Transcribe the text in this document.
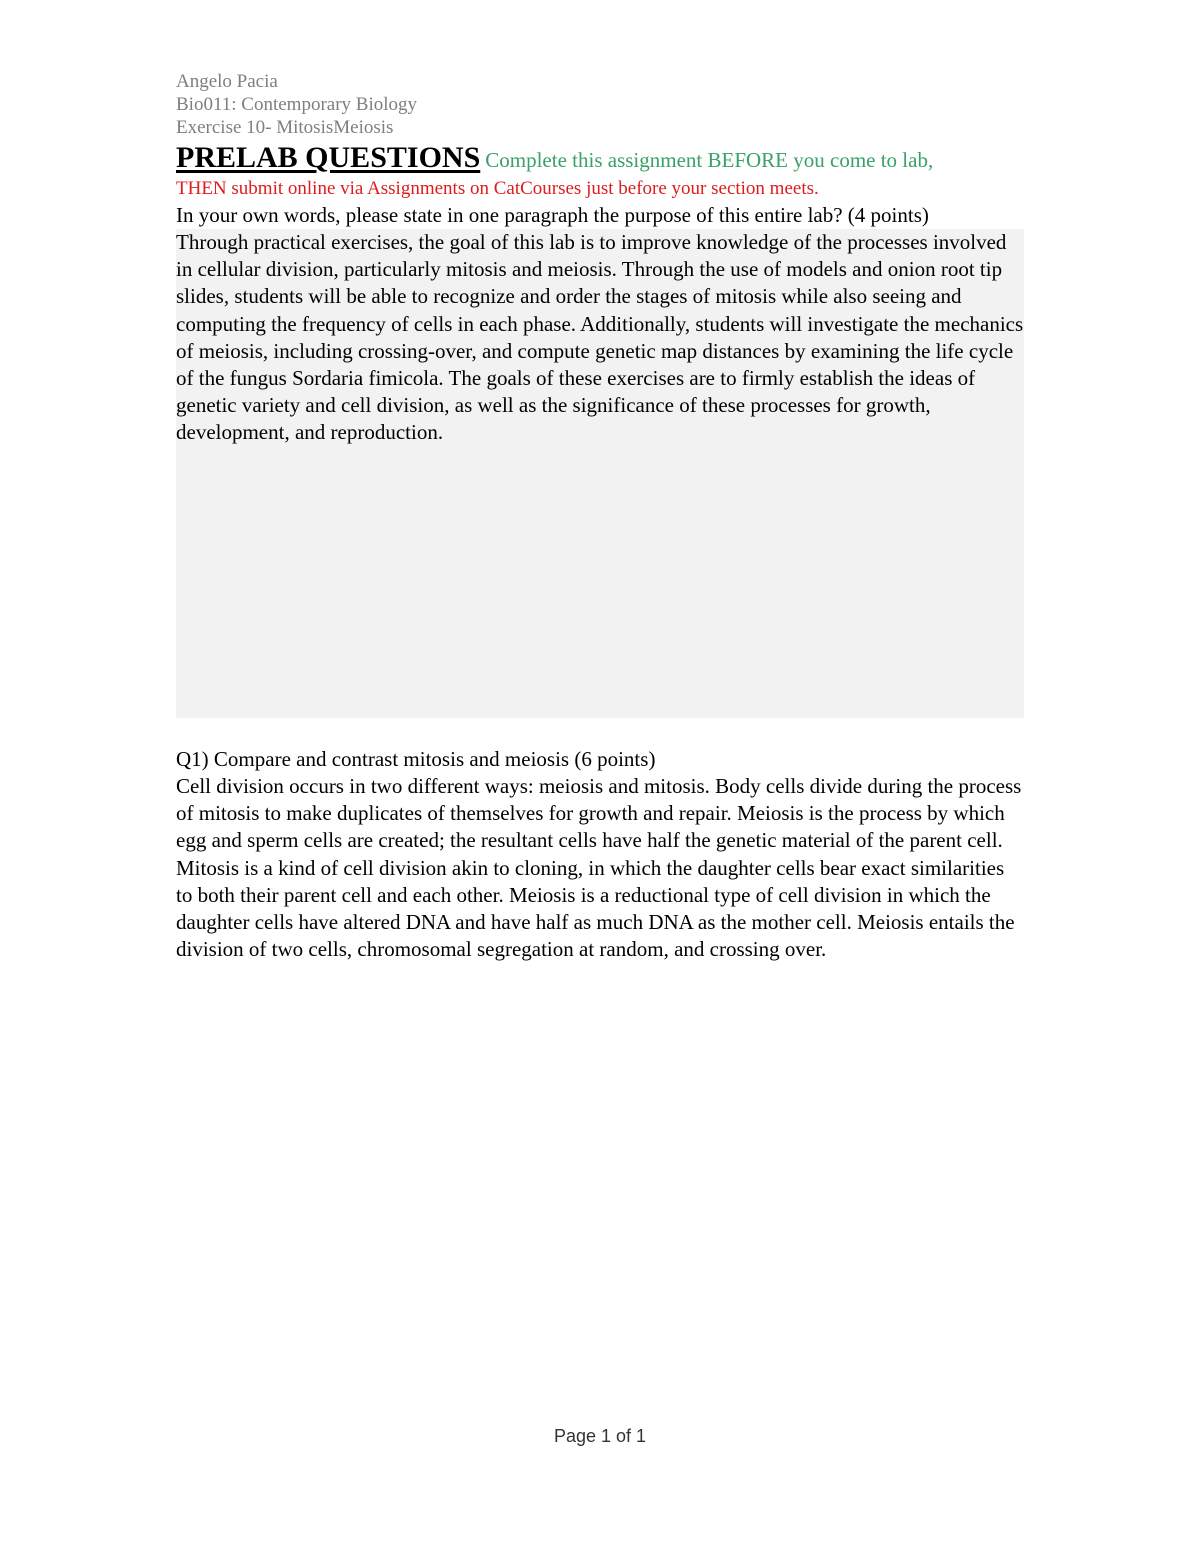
Angelo Pacia
Bio011: Contemporary Biology
Exercise 10- MitosisMeiosis
PRELAB QUESTIONS Complete this assignment BEFORE you come to lab,
THEN submit online via Assignments on CatCourses just before your section meets.
In your own words, please state in one paragraph the purpose of this entire lab? (4 points)
Through practical exercises, the goal of this lab is to improve knowledge of the processes involved in cellular division, particularly mitosis and meiosis. Through the use of models and onion root tip slides, students will be able to recognize and order the stages of mitosis while also seeing and computing the frequency of cells in each phase. Additionally, students will investigate the mechanics of meiosis, including crossing-over, and compute genetic map distances by examining the life cycle of the fungus Sordaria fimicola. The goals of these exercises are to firmly establish the ideas of genetic variety and cell division, as well as the significance of these processes for growth, development, and reproduction.
Q1) Compare and contrast mitosis and meiosis (6 points)
Cell division occurs in two different ways: meiosis and mitosis. Body cells divide during the process of mitosis to make duplicates of themselves for growth and repair. Meiosis is the process by which egg and sperm cells are created; the resultant cells have half the genetic material of the parent cell. Mitosis is a kind of cell division akin to cloning, in which the daughter cells bear exact similarities to both their parent cell and each other. Meiosis is a reductional type of cell division in which the daughter cells have altered DNA and have half as much DNA as the mother cell. Meiosis entails the division of two cells, chromosomal segregation at random, and crossing over.
Page 1 of 1
